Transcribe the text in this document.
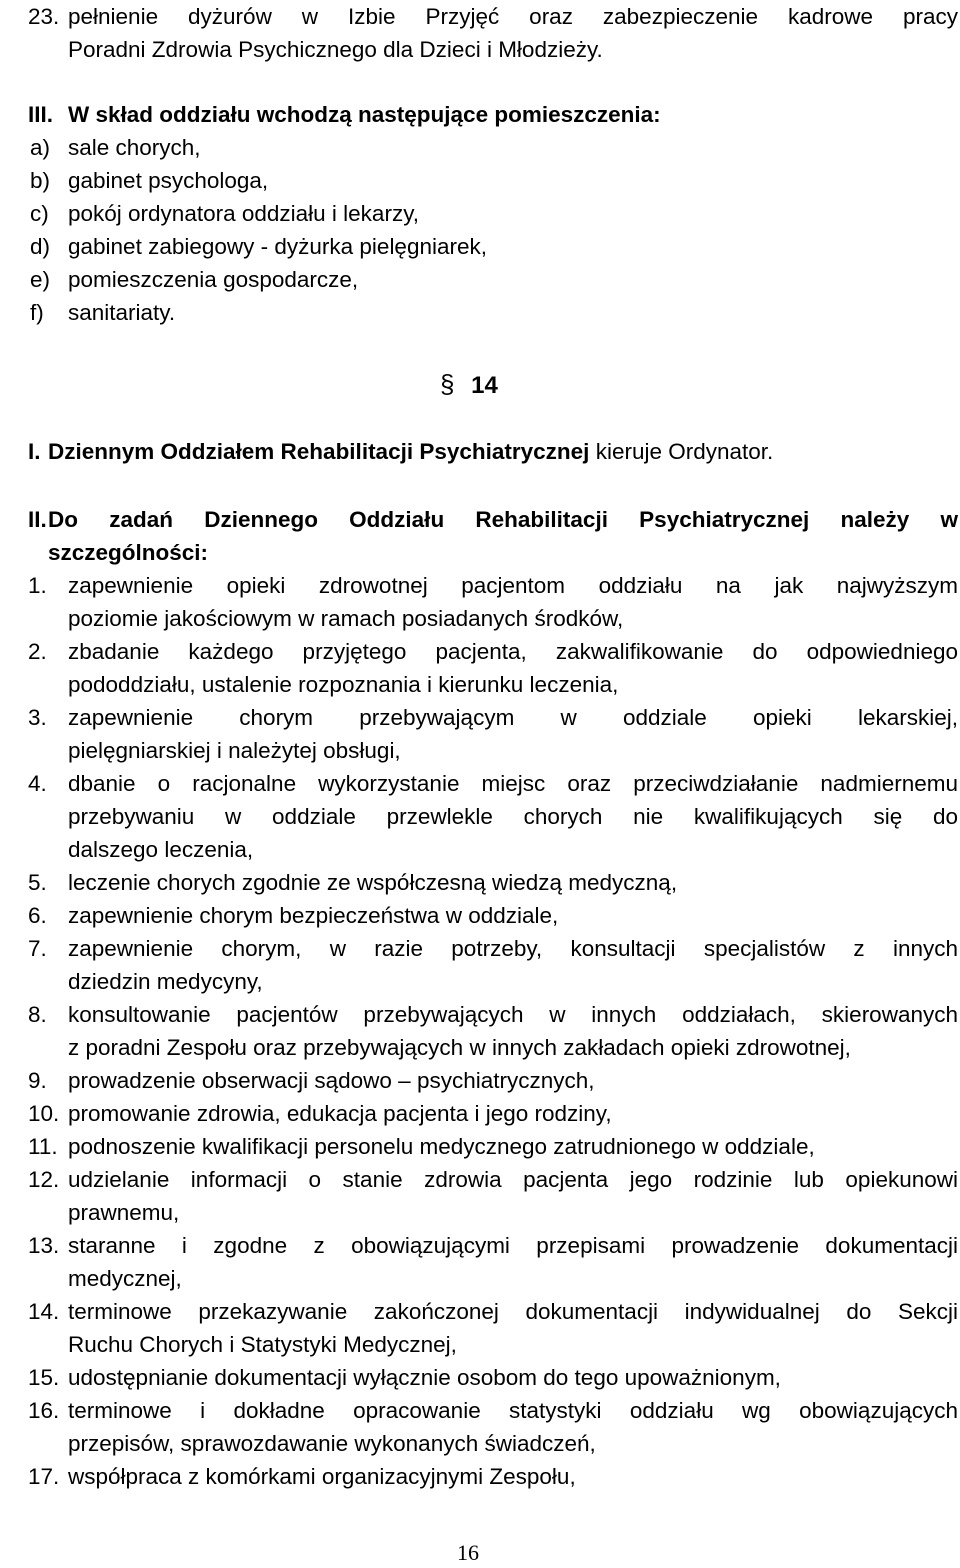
23. pełnienie dyżurów w Izbie Przyjęć oraz zabezpieczenie kadrowe pracy
Poradni Zdrowia Psychicznego dla Dzieci i Młodzieży.
III. W skład oddziału wchodzą następujące pomieszczenia:
a) sale chorych,
b) gabinet psychologa,
c) pokój ordynatora oddziału i lekarzy,
d) gabinet zabiegowy - dyżurka pielęgniarek,
e) pomieszczenia gospodarcze,
f) sanitariaty.
§ 14
I. Dziennym Oddziałem Rehabilitacji Psychiatrycznej kieruje Ordynator.
II. Do zadań Dziennego Oddziału Rehabilitacji Psychiatrycznej należy w
szczególności:
1. zapewnienie opieki zdrowotnej pacjentom oddziału na jak najwyższym
poziomie jakościowym w ramach posiadanych środków,
2. zbadanie każdego przyjętego pacjenta, zakwalifikowanie do odpowiedniego
pododdziału, ustalenie rozpoznania i kierunku leczenia,
3. zapewnienie chorym przebywającym w oddziale opieki lekarskiej,
pielęgniarskiej i należytej obsługi,
4. dbanie o racjonalne wykorzystanie miejsc oraz przeciwdziałanie nadmiernemu
przebywaniu w oddziale przewlekle chorych nie kwalifikujących się do
dalszego leczenia,
5. leczenie chorych zgodnie ze współczesną wiedzą medyczną,
6. zapewnienie chorym bezpieczeństwa w oddziale,
7. zapewnienie chorym, w razie potrzeby, konsultacji specjalistów z innych
dziedzin medycyny,
8. konsultowanie pacjentów przebywających w innych oddziałach, skierowanych
z poradni Zespołu oraz przebywających w innych zakładach opieki zdrowotnej,
9. prowadzenie obserwacji sądowo – psychiatrycznych,
10. promowanie zdrowia, edukacja pacjenta i jego rodziny,
11. podnoszenie kwalifikacji personelu medycznego zatrudnionego w oddziale,
12. udzielanie informacji o stanie zdrowia pacjenta jego rodzinie lub opiekunowi
prawnemu,
13. staranne i zgodne z obowiązującymi przepisami prowadzenie dokumentacji
medycznej,
14. terminowe przekazywanie zakończonej dokumentacji indywidualnej do Sekcji
Ruchu Chorych i Statystyki Medycznej,
15. udostępnianie dokumentacji wyłącznie osobom do tego upoważnionym,
16. terminowe i dokładne opracowanie statystyki oddziału wg obowiązujących
przepisów, sprawozdawanie wykonanych świadczeń,
17. współpraca z komórkami organizacyjnymi Zespołu,
16
